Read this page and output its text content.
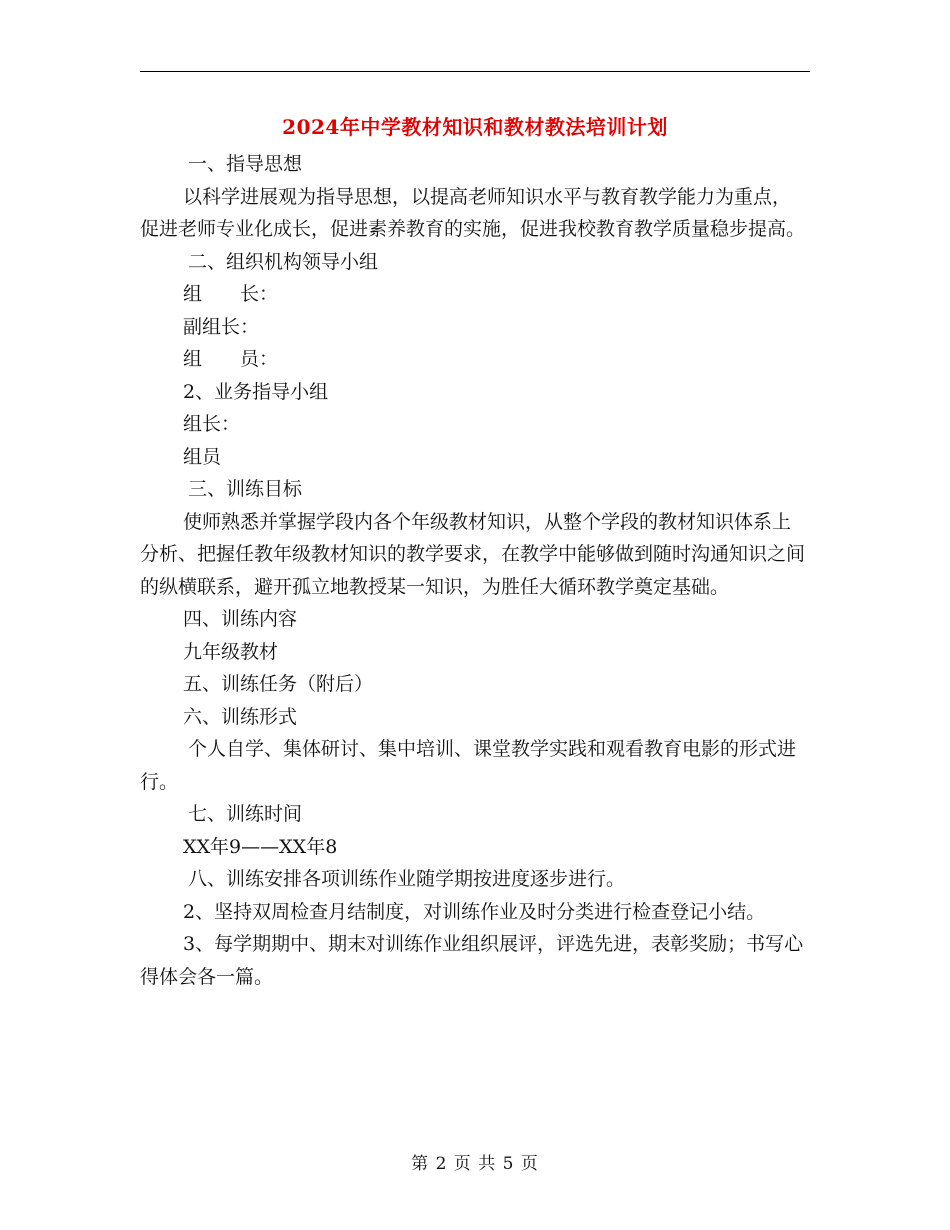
2024年中学教材知识和教材教法培训计划

一、指导思想

以科学进展观为指导思想，以提高老师知识水平与教育教学能力为重点，促进老师专业化成长，促进素养教育的实施，促进我校教育教学质量稳步提高。

二、组织机构领导小组

组　　长：

副组长：

组　　员：

2、业务指导小组

组长：

组员

三、训练目标

使师熟悉并掌握学段内各个年级教材知识，从整个学段的教材知识体系上分析、把握任教年级教材知识的教学要求，在教学中能够做到随时沟通知识之间的纵横联系，避开孤立地教授某一知识，为胜任大循环教学奠定基础。

四、训练内容

九年级教材

五、训练任务（附后）

六、训练形式

个人自学、集体研讨、集中培训、课堂教学实践和观看教育电影的形式进行。

七、训练时间

XX年9——XX年8

八、训练安排各项训练作业随学期按进度逐步进行。

2、坚持双周检查月结制度，对训练作业及时分类进行检查登记小结。

3、每学期期中、期末对训练作业组织展评，评选先进，表彰奖励；书写心得体会各一篇。

第 2 页 共 5 页
